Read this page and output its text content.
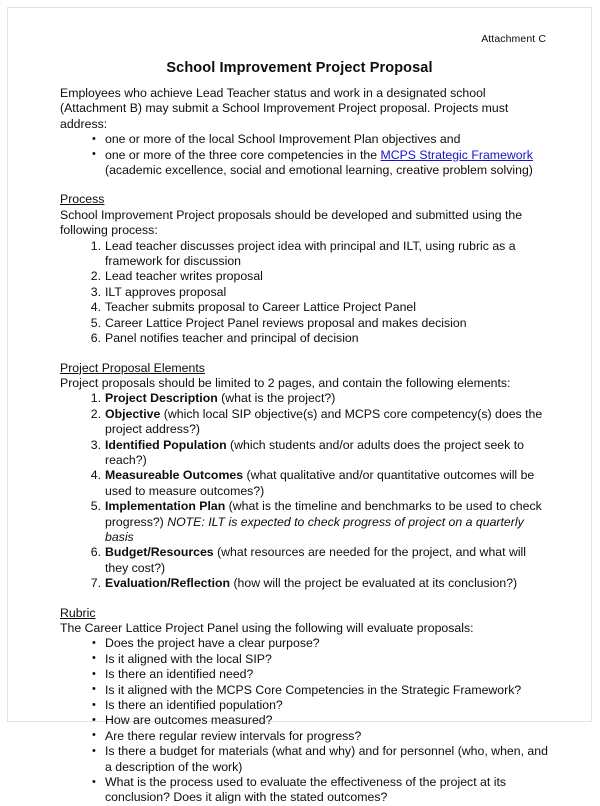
Attachment C
School Improvement Project Proposal

Employees who achieve Lead Teacher status and work in a designated school (Attachment B) may submit a School Improvement Project proposal. Projects must address:

• one or more of the local School Improvement Plan objectives and
• one or more of the three core competencies in the MCPS Strategic Framework
(academic excellence, social and emotional learning, creative problem solving)

Process

School Improvement Project proposals should be developed and submitted using the following process:

Lead teacher discusses project idea with principal and ILT, using rubric as a framework for discussion
Lead teacher writes proposal
ILT approves proposal
Teacher submits proposal to Career Lattice Project Panel
Career Lattice Project Panel reviews proposal and makes decision
Panel notifies teacher and principal of decision

Project Proposal Elements

Project proposals should be limited to 2 pages, and contain the following elements:

Project Description (what is the project?)
Objective (which local SIP objective(s) and MCPS core competency(s) does the project address?)
Identified Population (which students and/or adults does the project seek to reach?)
Measureable Outcomes (what qualitative and/or quantitative outcomes will be used to measure outcomes?)
Implementation Plan (what is the timeline and benchmarks to be used to check progress?) NOTE: ILT is expected to check progress of project on a quarterly basis
Budget/Resources (what resources are needed for the project, and what will they cost?)
Evaluation/Reflection (how will the project be evaluated at its conclusion?)

Rubric

The Career Lattice Project Panel using the following will evaluate proposals:

• Does the project have a clear purpose?
• Is it aligned with the local SIP?
• Is there an identified need?
• Is it aligned with the MCPS Core Competencies in the Strategic Framework?
• Is there an identified population?
• How are outcomes measured?
• Are there regular review intervals for progress?
• Is there a budget for materials (what and why) and for personnel (who, when, and a description of the work)
• What is the process used to evaluate the effectiveness of the project at its conclusion? Does it align with the stated outcomes?
